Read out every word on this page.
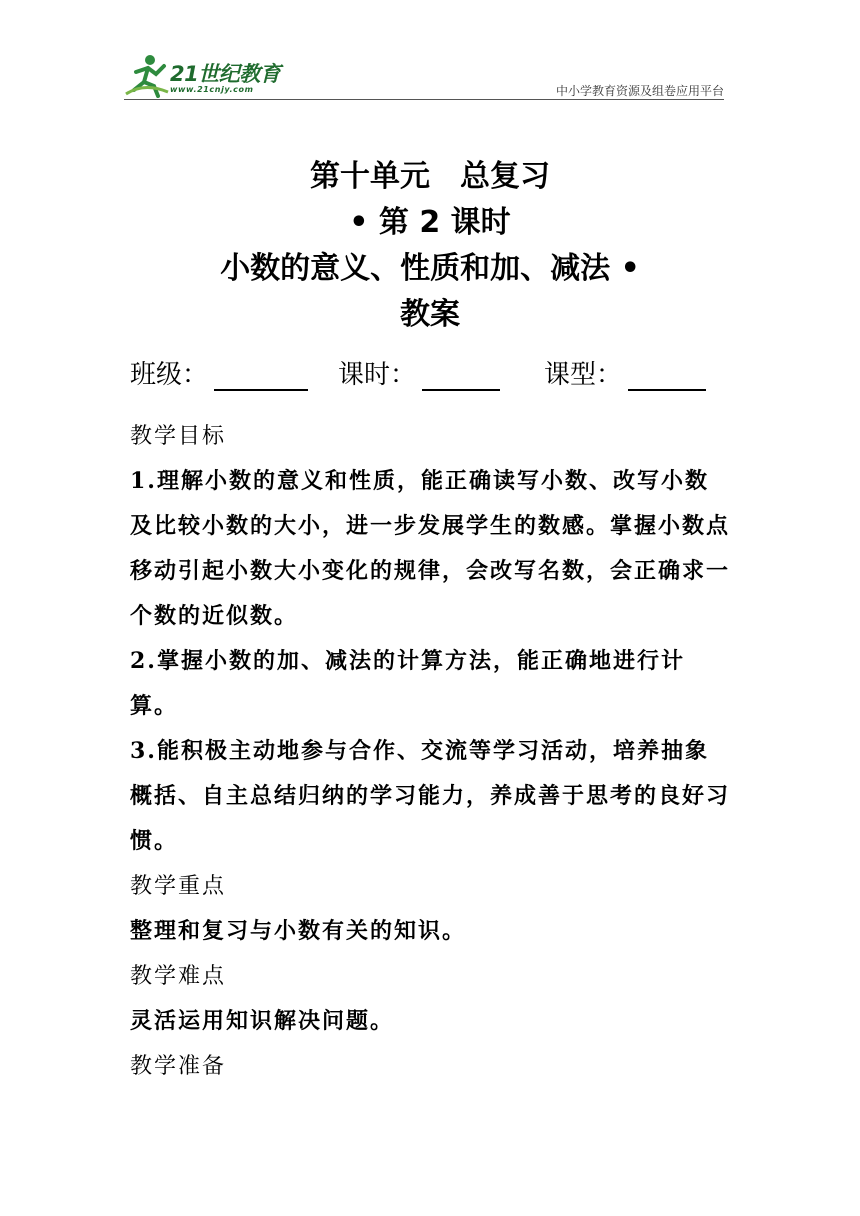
21世纪教育
www.21cnjy.com	中小学教育资源及组卷应用平台
第十单元　总复习
• 第 2 课时
小数的意义、性质和加、减法 •
教案
班级：	课时：	课型：

教学目标

1.理解小数的意义和性质，能正确读写小数、改写小数及比较小数的大小，进一步发展学生的数感。掌握小数点移动引起小数大小变化的规律，会改写名数，会正确求一个数的近似数。

2.掌握小数的加、减法的计算方法，能正确地进行计算。

3.能积极主动地参与合作、交流等学习活动，培养抽象概括、自主总结归纳的学习能力，养成善于思考的良好习惯。

教学重点

整理和复习与小数有关的知识。

教学难点

灵活运用知识解决问题。

教学准备
